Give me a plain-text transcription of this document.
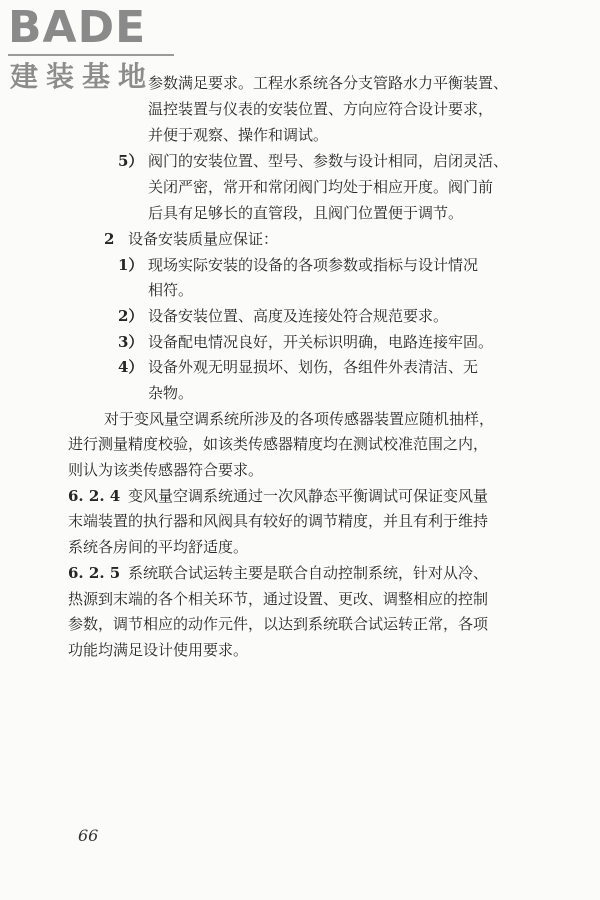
BADE
建装基地
参数满足要求。工程水系统各分支管路水力平衡装置、
温控装置与仪表的安装位置、方向应符合设计要求，
并便于观察、操作和调试。
5） 阀门的安装位置、型号、参数与设计相同，启闭灵活、
关闭严密，常开和常闭阀门均处于相应开度。阀门前
后具有足够长的直管段，且阀门位置便于调节。
2 设备安装质量应保证：
1） 现场实际安装的设备的各项参数或指标与设计情况
相符。
2） 设备安装位置、高度及连接处符合规范要求。
3） 设备配电情况良好，开关标识明确，电路连接牢固。
4） 设备外观无明显损坏、划伤，各组件外表清洁、无
杂物。
对于变风量空调系统所涉及的各项传感器装置应随机抽样，
进行测量精度校验，如该类传感器精度均在测试校准范围之内，
则认为该类传感器符合要求。
6. 2. 4 变风量空调系统通过一次风静态平衡调试可保证变风量
末端装置的执行器和风阀具有较好的调节精度，并且有利于维持
系统各房间的平均舒适度。
6. 2. 5 系统联合试运转主要是联合自动控制系统，针对从冷、
热源到末端的各个相关环节，通过设置、更改、调整相应的控制
参数，调节相应的动作元件，以达到系统联合试运转正常，各项
功能均满足设计使用要求。
66
